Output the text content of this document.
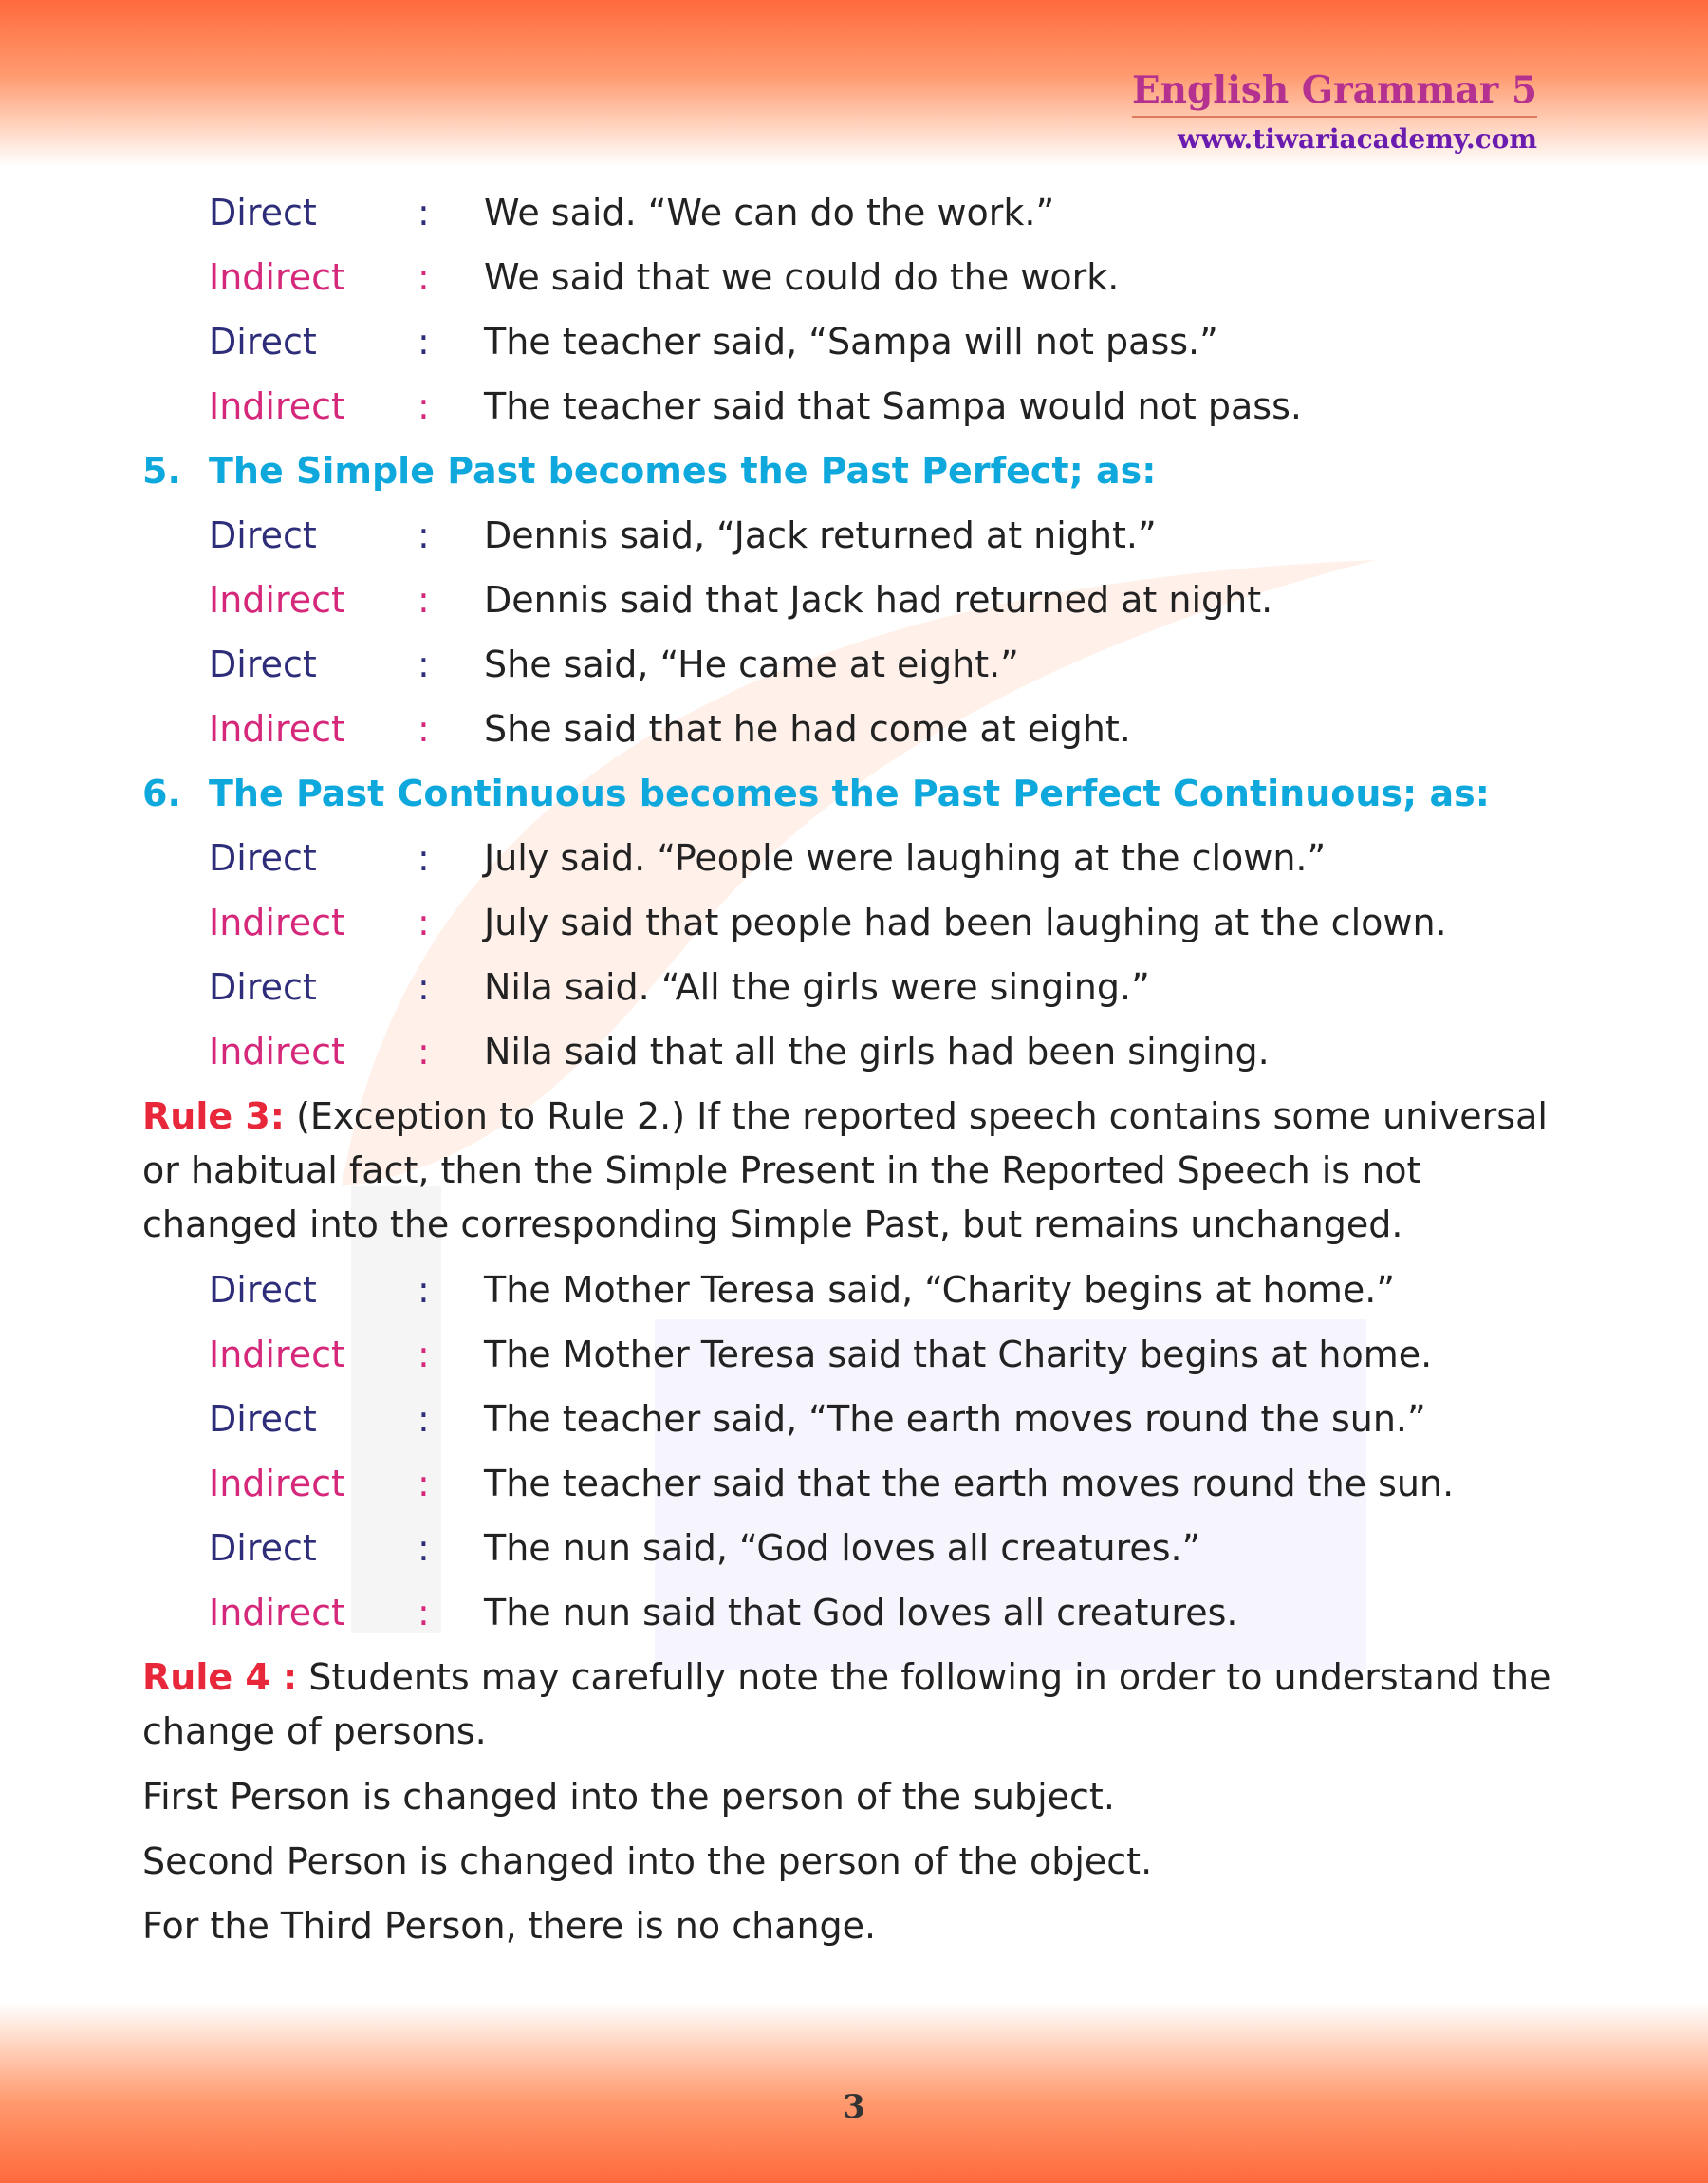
English Grammar 5
www.tiwariacademy.com
Direct	:	We said. “We can do the work.”
Indirect	:	We said that we could do the work.
Direct	:	The teacher said, “Sampa will not pass.”
Indirect	:	The teacher said that Sampa would not pass.
5. The Simple Past becomes the Past Perfect; as:
Direct	:	Dennis said, “Jack returned at night.”
Indirect	:	Dennis said that Jack had returned at night.
Direct	:	She said, “He came at eight.”
Indirect	:	She said that he had come at eight.
6. The Past Continuous becomes the Past Perfect Continuous; as:
Direct	:	July said. “People were laughing at the clown.”
Indirect	:	July said that people had been laughing at the clown.
Direct	:	Nila said. “All the girls were singing.”
Indirect	:	Nila said that all the girls had been singing.
Rule 3: (Exception to Rule 2.) If the reported speech contains some universal or habitual fact, then the Simple Present in the Reported Speech is not changed into the corresponding Simple Past, but remains unchanged.
Direct	:	The Mother Teresa said, “Charity begins at home.”
Indirect	:	The Mother Teresa said that Charity begins at home.
Direct	:	The teacher said, “The earth moves round the sun.”
Indirect	:	The teacher said that the earth moves round the sun.
Direct	:	The nun said, “God loves all creatures.”
Indirect	:	The nun said that God loves all creatures.
Rule 4 : Students may carefully note the following in order to understand the change of persons.
First Person is changed into the person of the subject.
Second Person is changed into the person of the object.
For the Third Person, there is no change.
3
